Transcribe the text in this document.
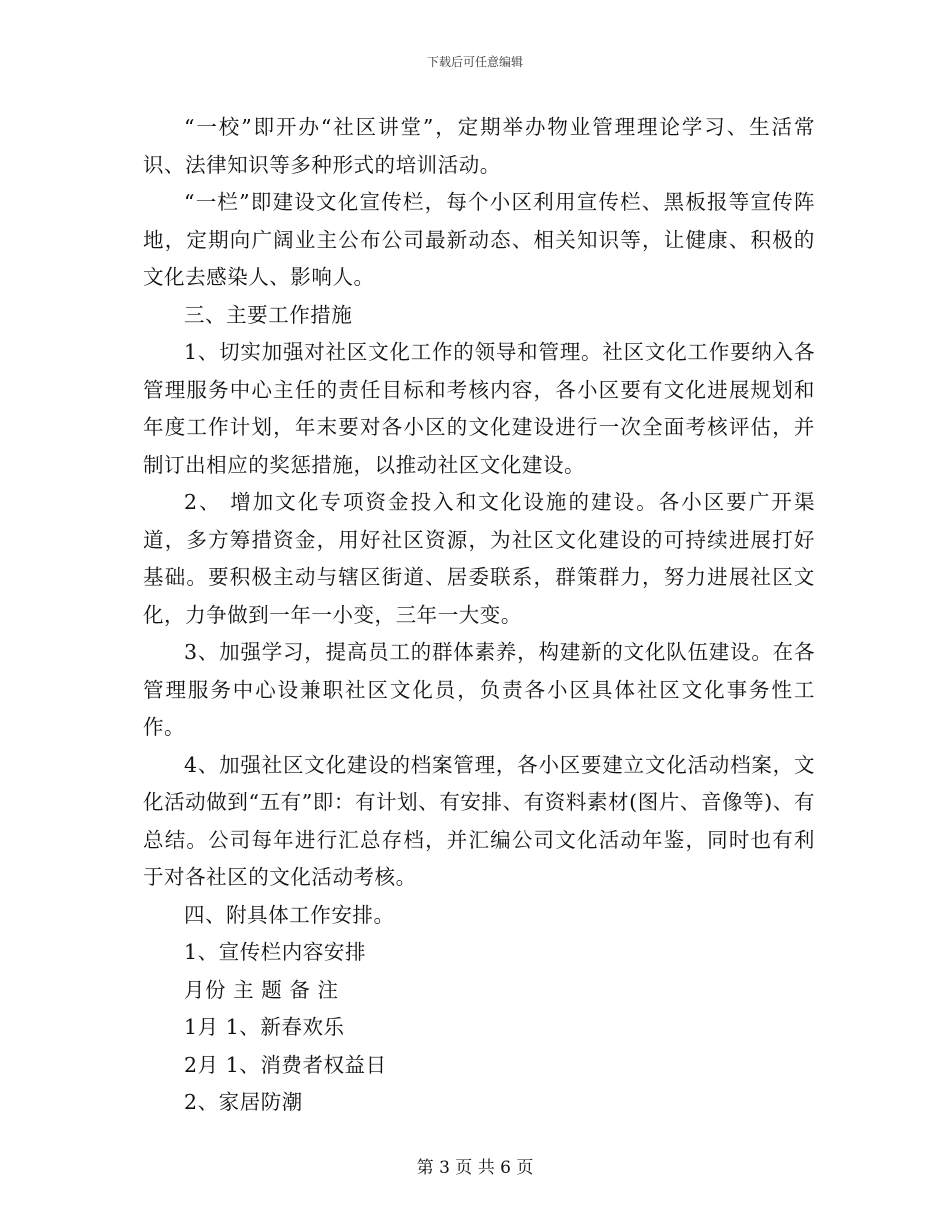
下载后可任意编辑

“一校”即开办“社区讲堂”，定期举办物业管理理论学习、生活常识、法律知识等多种形式的培训活动。

“一栏”即建设文化宣传栏，每个小区利用宣传栏、黑板报等宣传阵地，定期向广阔业主公布公司最新动态、相关知识等，让健康、积极的文化去感染人、影响人。

三、主要工作措施

1、切实加强对社区文化工作的领导和管理。社区文化工作要纳入各管理服务中心主任的责任目标和考核内容，各小区要有文化进展规划和年度工作计划，年末要对各小区的文化建设进行一次全面考核评估，并制订出相应的奖惩措施，以推动社区文化建设。

2、 增加文化专项资金投入和文化设施的建设。各小区要广开渠道，多方筹措资金，用好社区资源，为社区文化建设的可持续进展打好基础。要积极主动与辖区街道、居委联系，群策群力，努力进展社区文化，力争做到一年一小变，三年一大变。

3、加强学习，提高员工的群体素养，构建新的文化队伍建设。在各管理服务中心设兼职社区文化员，负责各小区具体社区文化事务性工作。

4、加强社区文化建设的档案管理，各小区要建立文化活动档案，文化活动做到“五有”即：有计划、有安排、有资料素材(图片、音像等)、有总结。公司每年进行汇总存档，并汇编公司文化活动年鉴，同时也有利于对各社区的文化活动考核。

四、附具体工作安排。

1、宣传栏内容安排

月份 主 题 备 注

1月 1、新春欢乐

2月 1、消费者权益日

2、家居防潮

第 3 页 共 6 页
